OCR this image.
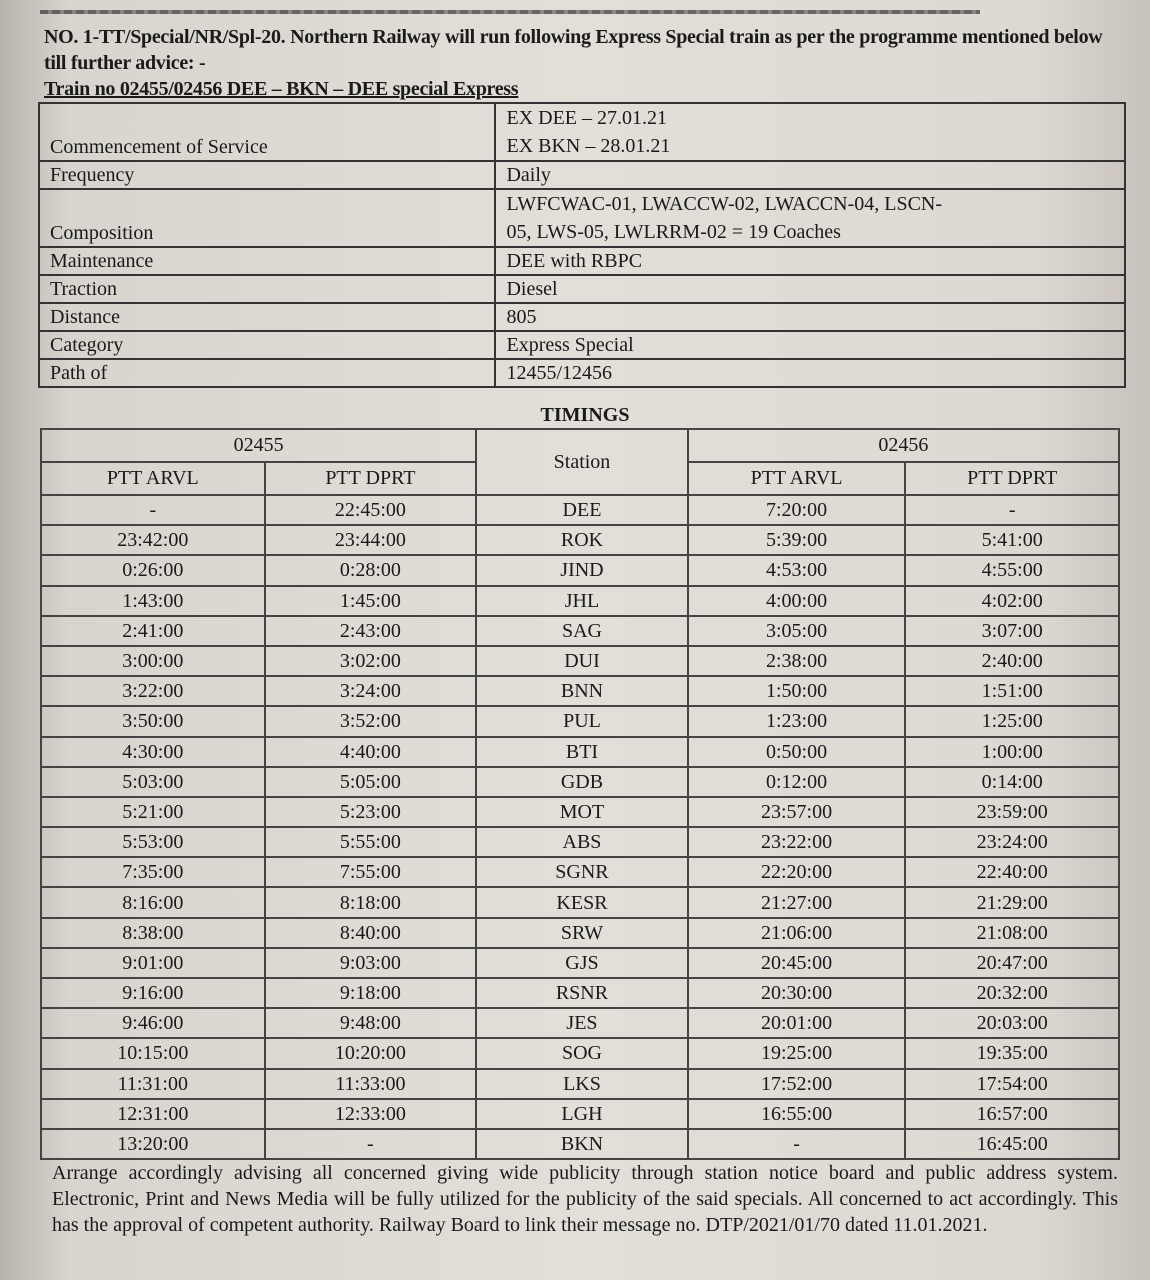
NO. 1-TT/Special/NR/Spl-20. Northern Railway will run following Express Special train as per the programme mentioned below till further advice: -
Train no 02455/02456 DEE – BKN – DEE special Express
Commencement of Service	EX DEE – 27.01.21
EX BKN – 28.01.21

Frequency	Daily
Composition	LWFCWAC-01, LWACCW-02, LWACCN-04, LSCN-
05, LWS-05, LWLRRM-02 = 19 Coaches

Maintenance	DEE with RBPC
Traction	Diesel
Distance	805
Category	Express Special
Path of	12455/12456
TIMINGS
02455		Station	02456	
PTT ARVL	PTT DPRT		PTT ARVL	PTT DPRT
-	22:45:00	DEE	7:20:00	-
23:42:00	23:44:00	ROK	5:39:00	5:41:00
0:26:00	0:28:00	JIND	4:53:00	4:55:00
1:43:00	1:45:00	JHL	4:00:00	4:02:00
2:41:00	2:43:00	SAG	3:05:00	3:07:00
3:00:00	3:02:00	DUI	2:38:00	2:40:00
3:22:00	3:24:00	BNN	1:50:00	1:51:00
3:50:00	3:52:00	PUL	1:23:00	1:25:00
4:30:00	4:40:00	BTI	0:50:00	1:00:00
5:03:00	5:05:00	GDB	0:12:00	0:14:00
5:21:00	5:23:00	MOT	23:57:00	23:59:00
5:53:00	5:55:00	ABS	23:22:00	23:24:00
7:35:00	7:55:00	SGNR	22:20:00	22:40:00
8:16:00	8:18:00	KESR	21:27:00	21:29:00
8:38:00	8:40:00	SRW	21:06:00	21:08:00
9:01:00	9:03:00	GJS	20:45:00	20:47:00
9:16:00	9:18:00	RSNR	20:30:00	20:32:00
9:46:00	9:48:00	JES	20:01:00	20:03:00
10:15:00	10:20:00	SOG	19:25:00	19:35:00
11:31:00	11:33:00	LKS	17:52:00	17:54:00
12:31:00	12:33:00	LGH	16:55:00	16:57:00
13:20:00	-	BKN	-	16:45:00
Arrange accordingly advising all concerned giving wide publicity through station notice board and public address system. Electronic, Print and News Media will be fully utilized for the publicity of the said specials. All concerned to act accordingly. This has the approval of competent authority. Railway Board to link their message no. DTP/2021/01/70 dated 11.01.2021.
